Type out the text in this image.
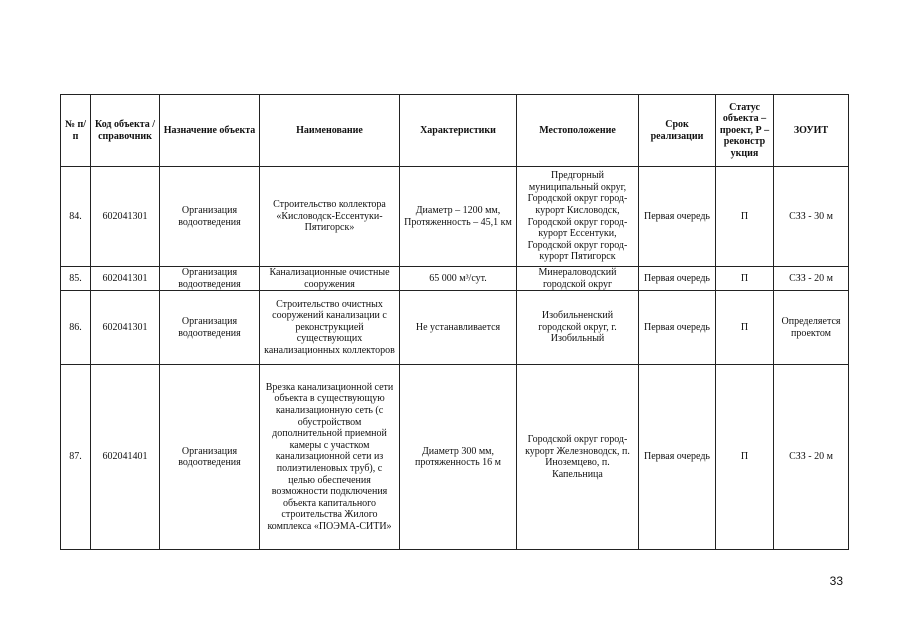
№ п/п	Код объекта / справочник	Назначение объекта	Наименование	Характеристики	Местоположение	Срок реализации	Статус объекта – проект, Р – реконстр укция	ЗОУИТ
84.	602041301	Организация водоотведения	Строительство коллектора «Кисловодск-Ессентуки-Пятигорск»	Диаметр – 1200 мм, Протяженность – 45,1 км	Предгорный муниципальный округ, Городской округ город-курорт Кисловодск, Городской округ город-курорт Ессентуки, Городской округ город-курорт Пятигорск	Первая очередь	П	СЗЗ - 30 м
85.	602041301	Организация водоотведения	Канализационные очистные сооружения	65 000 м³/сут.	Минераловодский городской округ	Первая очередь	П	СЗЗ - 20 м
86.	602041301	Организация водоотведения	Строительство очистных сооружений канализации с реконструкцией существующих канализационных коллекторов	Не устанавливается	Изобильненский городской округ, г. Изобильный	Первая очередь	П	Определяется проектом
87.	602041401	Организация водоотведения	Врезка канализационной сети объекта в существующую канализационную сеть (с обустройством дополнительной приемной камеры с участком канализационной сети из полиэтиленовых труб), с целью обеспечения возможности подключения объекта капитального строительства Жилого комплекса «ПОЭМА-СИТИ»	Диаметр 300 мм, протяженность 16 м	Городской округ город-курорт Железноводск, п. Иноземцево, п. Капельница	Первая очередь	П	СЗЗ - 20 м
33
